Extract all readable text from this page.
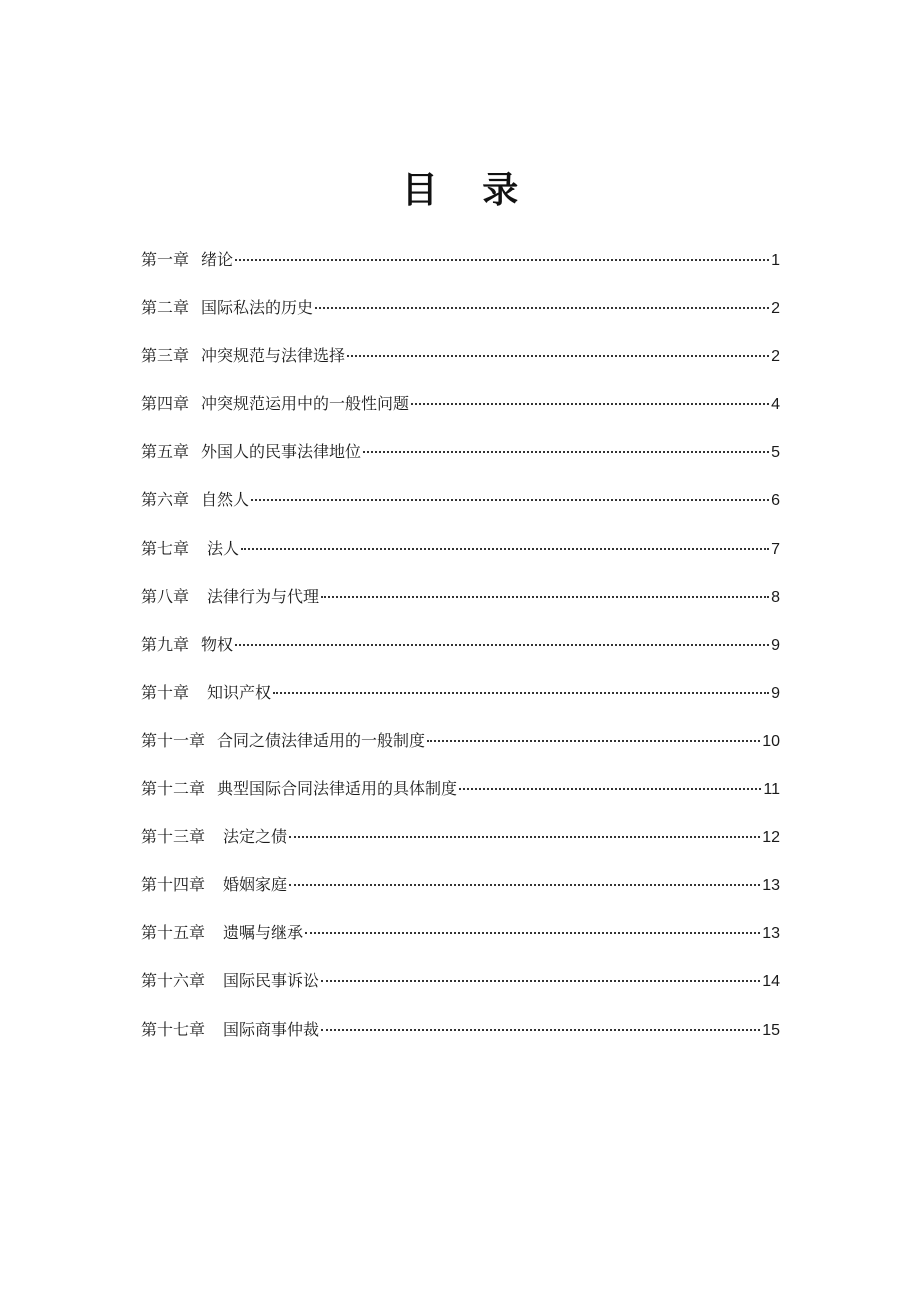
目 录
第一章 绪论	1
第二章 国际私法的历史	2
第三章 冲突规范与法律选择	2
第四章 冲突规范运用中的一般性问题	4
第五章 外国人的民事法律地位	5
第六章 自然人	6
第七章 法人	7
第八章 法律行为与代理	8
第九章 物权	9
第十章 知识产权	9
第十一章 合同之债法律适用的一般制度	10
第十二章 典型国际合同法律适用的具体制度	11
第十三章 法定之债	12
第十四章 婚姻家庭	13
第十五章 遗嘱与继承	13
第十六章 国际民事诉讼	14
第十七章 国际商事仲裁	15
